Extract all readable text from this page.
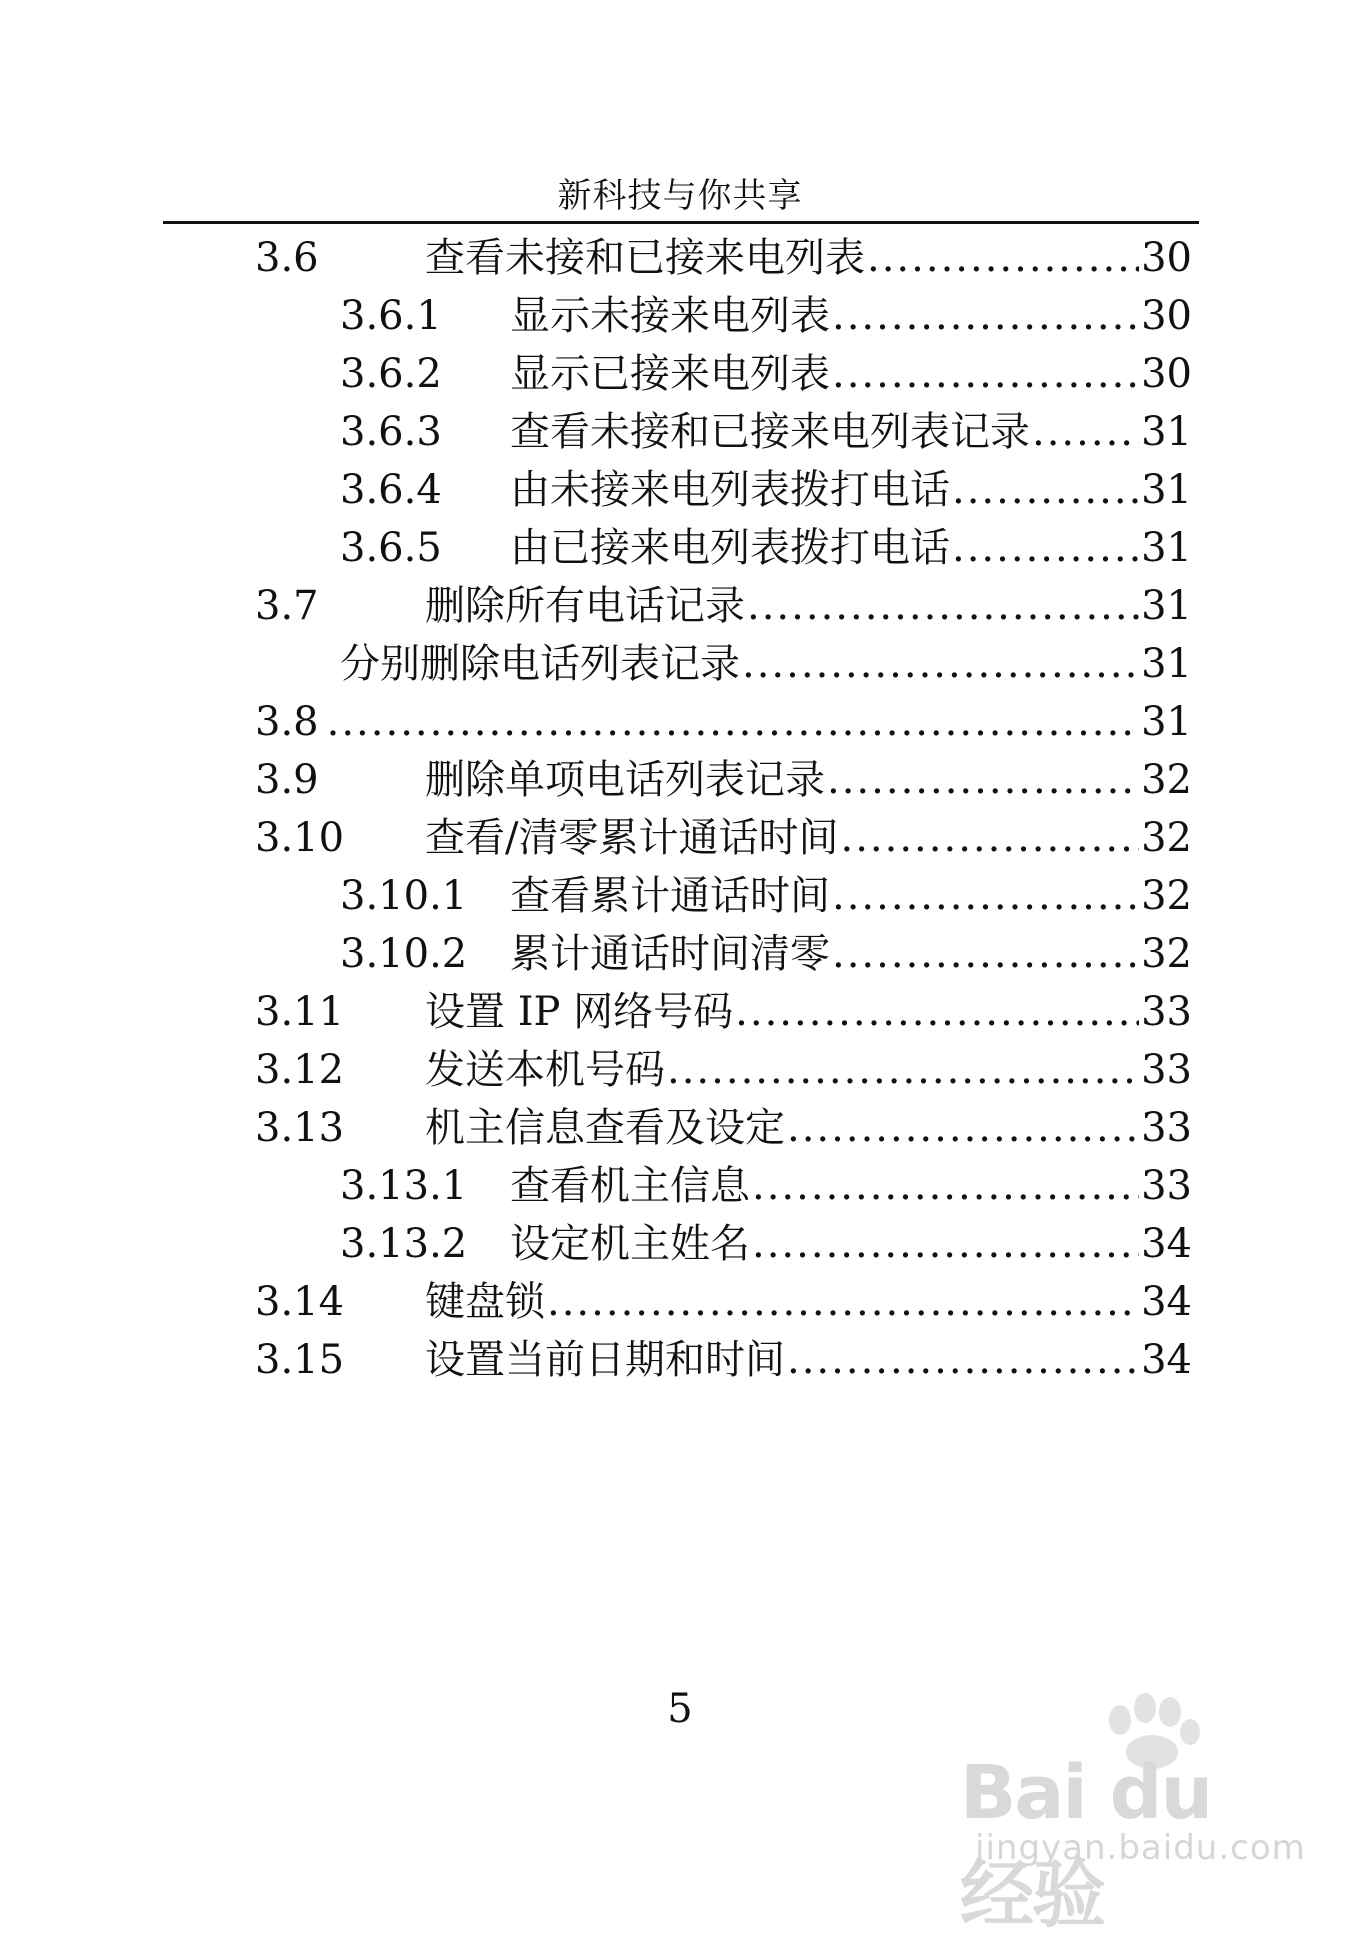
新科技与你共享
3.6	查看未接和已接来电列表 .....	30
3.6.1	显示未接来电列表 .....	30
3.6.2	显示已接来电列表 .....	30
3.6.3	查看未接和已接来电列表记录 .....	31
3.6.4	由未接来电列表拨打电话 .....	31
3.6.5	由已接来电列表拨打电话 .....	31
3.7	删除所有电话记录 .....	31
分别删除电话列表记录 .....	31
3.8 .....	31
3.9	删除单项电话列表记录 .....	32
3.10	查看/清零累计通话时间 .....	32
3.10.1	查看累计通话时间 .....	32
3.10.2	累计通话时间清零 .....	32
3.11	设置 IP 网络号码 .....	33
3.12	发送本机号码 .....	33
3.13	机主信息查看及设定 .....	33
3.13.1	查看机主信息 .....	33
3.13.2	设定机主姓名 .....	34
3.14	键盘锁 .....	34
3.15	设置当前日期和时间 .....	34
5
Bai du 经验
jingyan.baidu.com
